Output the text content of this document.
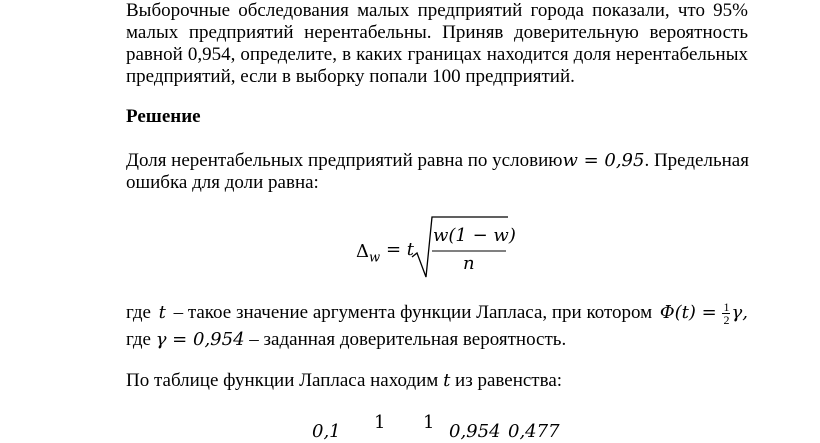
Выборочные обследования малых предприятий города показали, что 95%
малых предприятий нерентабельны. Приняв доверительную вероятность
равной 0,954, определите, в каких границах находится доля нерентабельных
предприятий, если в выборку попали 100 предприятий.

Решение
Доля нерентабельных предприятий равна по условию w = 0,95. Предельная
ошибка для доли равна:
$\Delta_w = t$
w(1 − w)
n
где t – такое значение аргумента функции Лапласа, при котором $\Phi(t) = \frac{1}{2} \gamma$,
где γ = 0,954 – заданная доверительная вероятность.
По таблице функции Лапласа находим t из равенства:
0,1 1 1 0,954 0,477
